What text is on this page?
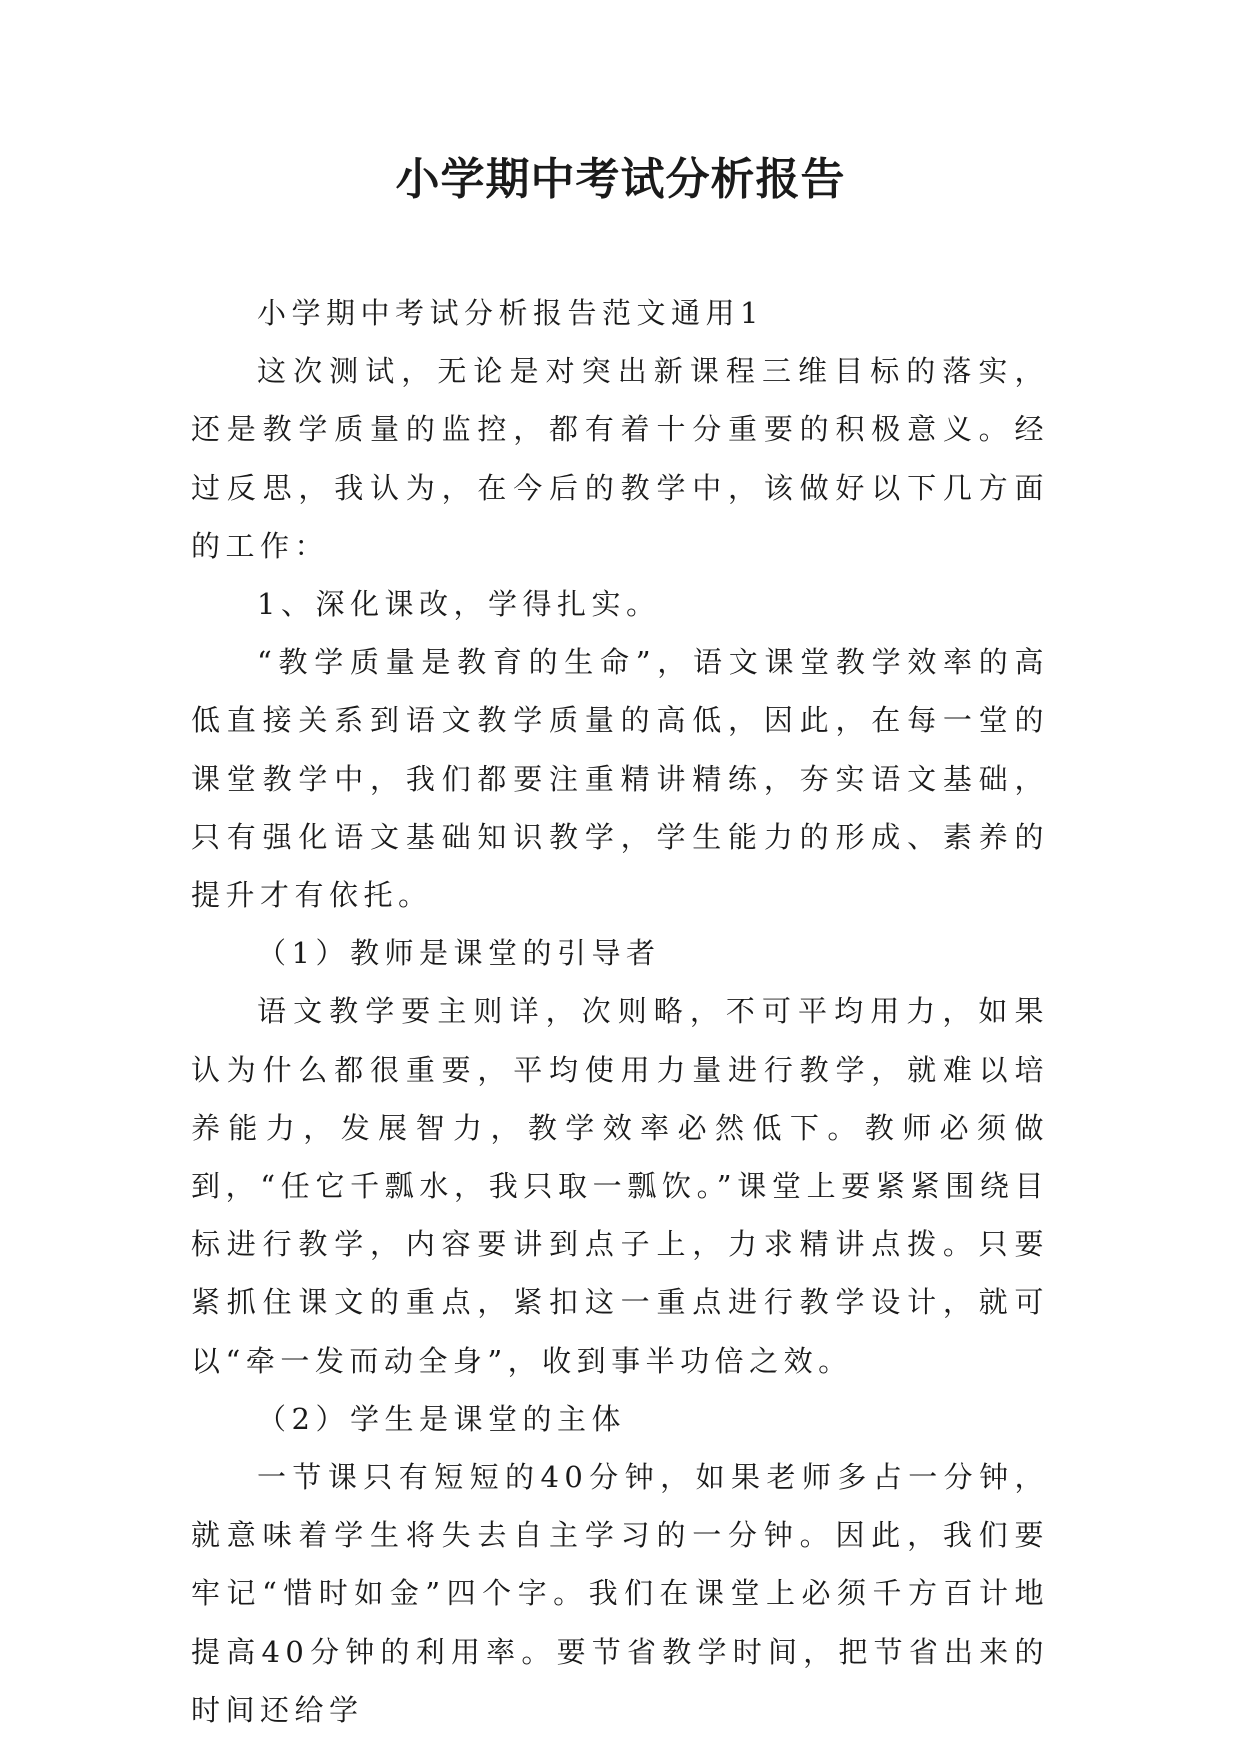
小学期中考试分析报告

小学期中考试分析报告范文通用1

这次测试，无论是对突出新课程三维目标的落实，还是教学质量的监控，都有着十分重要的积极意义。经过反思，我认为，在今后的教学中，该做好以下几方面的工作：

1、深化课改，学得扎实。

“教学质量是教育的生命”，语文课堂教学效率的高低直接关系到语文教学质量的高低，因此，在每一堂的课堂教学中，我们都要注重精讲精练，夯实语文基础，只有强化语文基础知识教学，学生能力的形成、素养的提升才有依托。

（1）教师是课堂的引导者

语文教学要主则详，次则略，不可平均用力，如果认为什么都很重要，平均使用力量进行教学，就难以培养能力，发展智力，教学效率必然低下。教师必须做到，“任它千瓢水，我只取一瓢饮。”课堂上要紧紧围绕目标进行教学，内容要讲到点子上，力求精讲点拨。只要紧抓住课文的重点，紧扣这一重点进行教学设计，就可以“牵一发而动全身”，收到事半功倍之效。

（2）学生是课堂的主体

一节课只有短短的40分钟，如果老师多占一分钟，就意味着学生将失去自主学习的一分钟。因此，我们要牢记“惜时如金”四个字。我们在课堂上必须千方百计地提高40分钟的利用率。要节省教学时间，把节省出来的时间还给学
